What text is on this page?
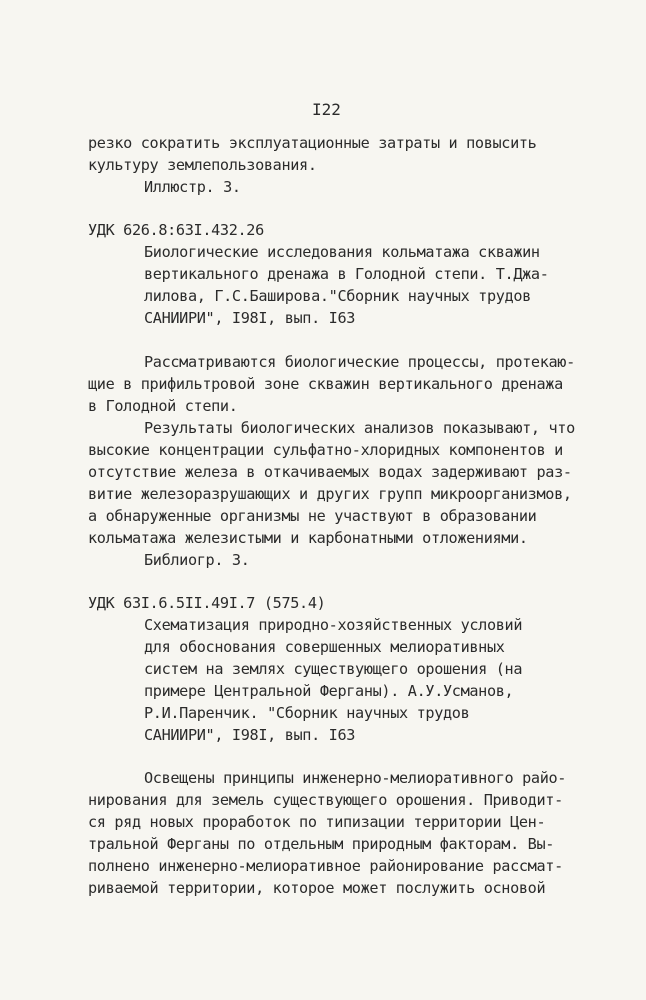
I22
резко сократить эксплуатационные затраты и повысить
культуру землепользования.
Иллюстр. 3.
УДК 626.8:63I.432.26
Биологические исследования кольматажа скважин
вертикального дренажа в Голодной степи. Т.Джа-
лилова, Г.С.Баширова."Сборник научных трудов
САНИИРИ", I98I, вып. I63
Рассматриваются биологические процессы, протекаю-
щие в прифильтровой зоне скважин вертикального дренажа
в Голодной степи.
Результаты биологических анализов показывают, что
высокие концентрации сульфатно-хлоридных компонентов и
отсутствие железа в откачиваемых водах задерживают раз-
витие железоразрушающих и других групп микроорганизмов,
а обнаруженные организмы не участвуют в образовании
кольматажа железистыми и карбонатными отложениями.
Библиогр. 3.
УДК 63I.6.5II.49I.7 (575.4)
Схематизация природно-хозяйственных условий
для обоснования совершенных мелиоративных
систем на землях существующего орошения (на
примере Центральной Ферганы). А.У.Усманов,
Р.И.Паренчик. "Сборник научных трудов
САНИИРИ", I98I, вып. I63
Освещены принципы инженерно-мелиоративного райо-
нирования для земель существующего орошения. Приводит-
ся ряд новых проработок по типизации территории Цен-
тральной Ферганы по отдельным природным факторам. Вы-
полнено инженерно-мелиоративное районирование рассмат-
риваемой территории, которое может послужить основой
